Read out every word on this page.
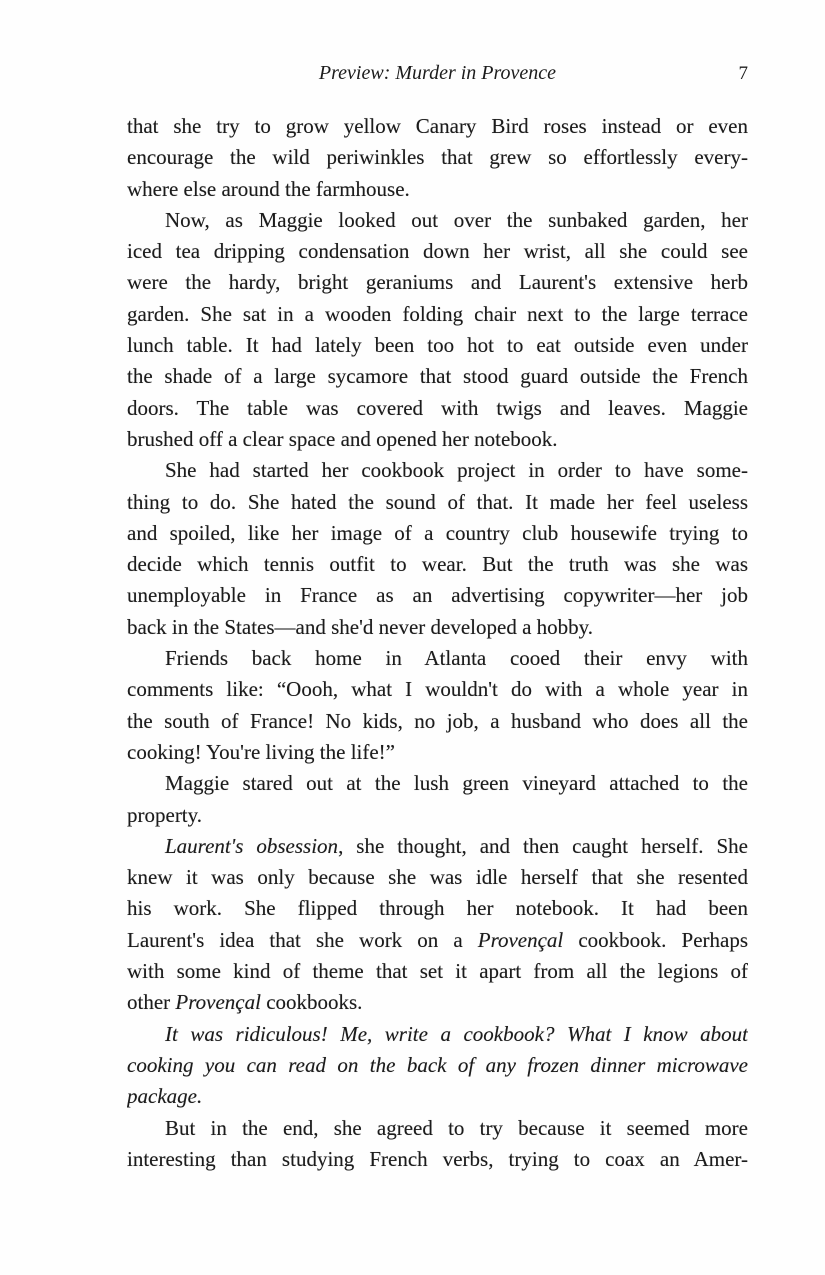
Preview: Murder in Provence	7
that she try to grow yellow Canary Bird roses instead or even
encourage the wild periwinkles that grew so effortlessly every-
where else around the farmhouse.
Now, as Maggie looked out over the sunbaked garden, her
iced tea dripping condensation down her wrist, all she could see
were the hardy, bright geraniums and Laurent's extensive herb
garden. She sat in a wooden folding chair next to the large terrace
lunch table. It had lately been too hot to eat outside even under
the shade of a large sycamore that stood guard outside the French
doors. The table was covered with twigs and leaves. Maggie
brushed off a clear space and opened her notebook.
She had started her cookbook project in order to have some-
thing to do. She hated the sound of that. It made her feel useless
and spoiled, like her image of a country club housewife trying to
decide which tennis outfit to wear. But the truth was she was
unemployable in France as an advertising copywriter—her job
back in the States—and she'd never developed a hobby.
Friends back home in Atlanta cooed their envy with
comments like: “Oooh, what I wouldn't do with a whole year in
the south of France! No kids, no job, a husband who does all the
cooking! You're living the life!”
Maggie stared out at the lush green vineyard attached to the
property.
Laurent's obsession, she thought, and then caught herself. She
knew it was only because she was idle herself that she resented
his work. She flipped through her notebook. It had been
Laurent's idea that she work on a Provençal cookbook. Perhaps
with some kind of theme that set it apart from all the legions of
other Provençal cookbooks.
It was ridiculous! Me, write a cookbook? What I know about
cooking you can read on the back of any frozen dinner microwave
package.
But in the end, she agreed to try because it seemed more
interesting than studying French verbs, trying to coax an Amer-
